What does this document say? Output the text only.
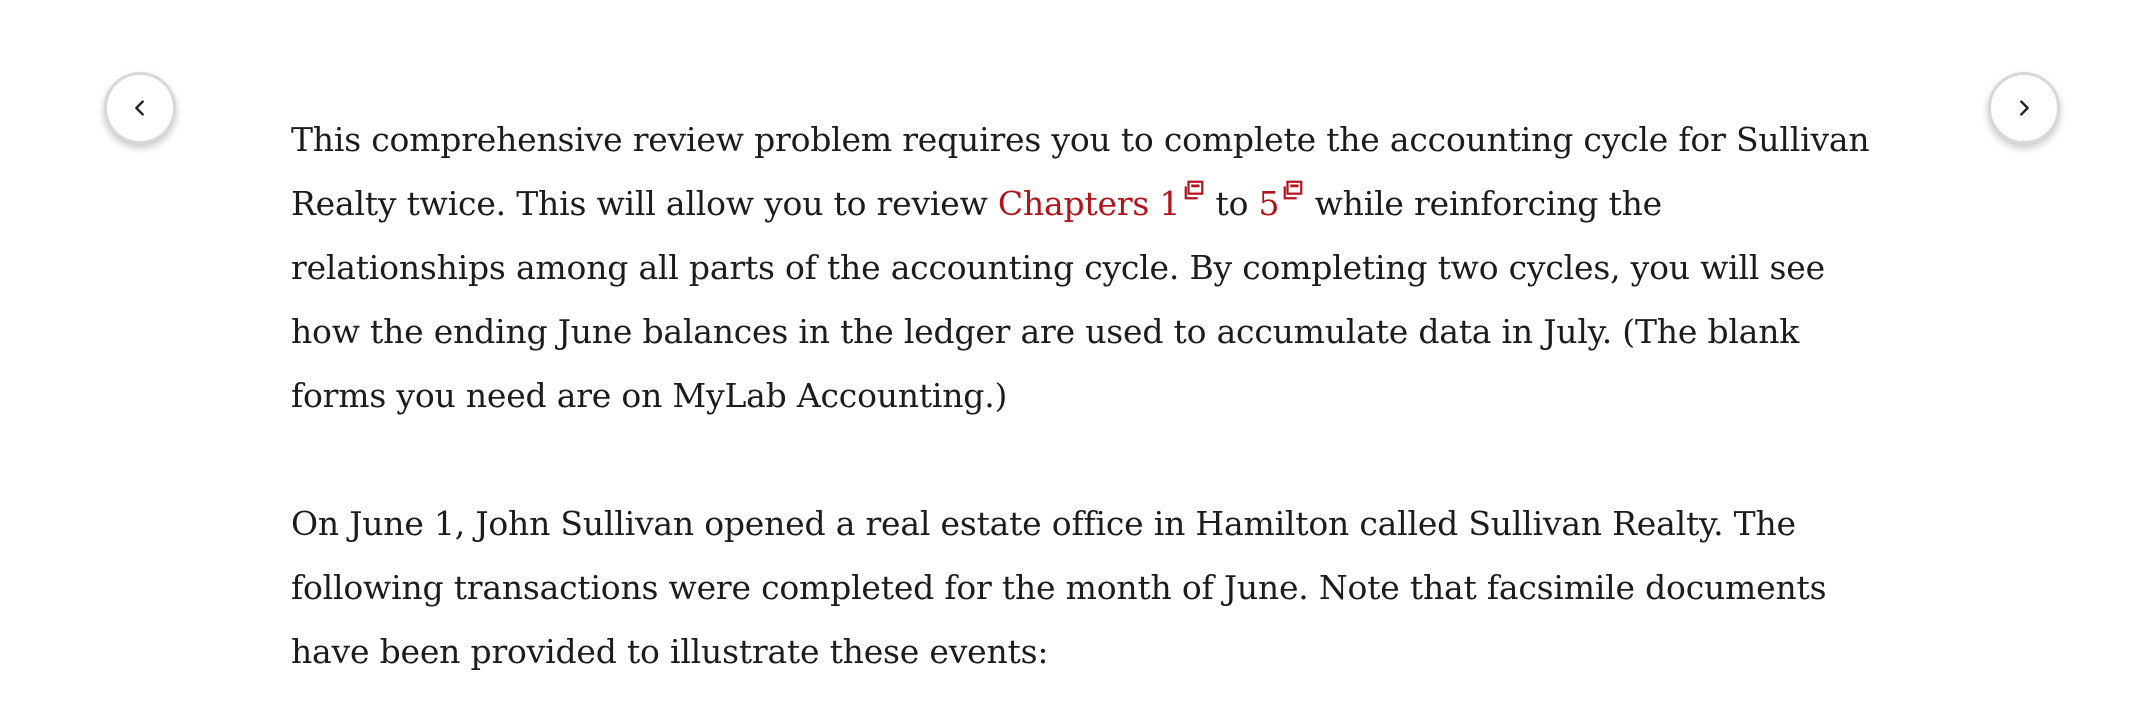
This comprehensive review problem requires you to complete the accounting cycle for Sullivan Realty twice. This will allow you to review Chapters 1 to 5 while reinforcing the relationships among all parts of the accounting cycle. By completing two cycles, you will see how the ending June balances in the ledger are used to accumulate data in July. (The blank forms you need are on MyLab Accounting.)

On June 1, John Sullivan opened a real estate office in Hamilton called Sullivan Realty. The following transactions were completed for the month of June. Note that facsimile documents have been provided to illustrate these events:
